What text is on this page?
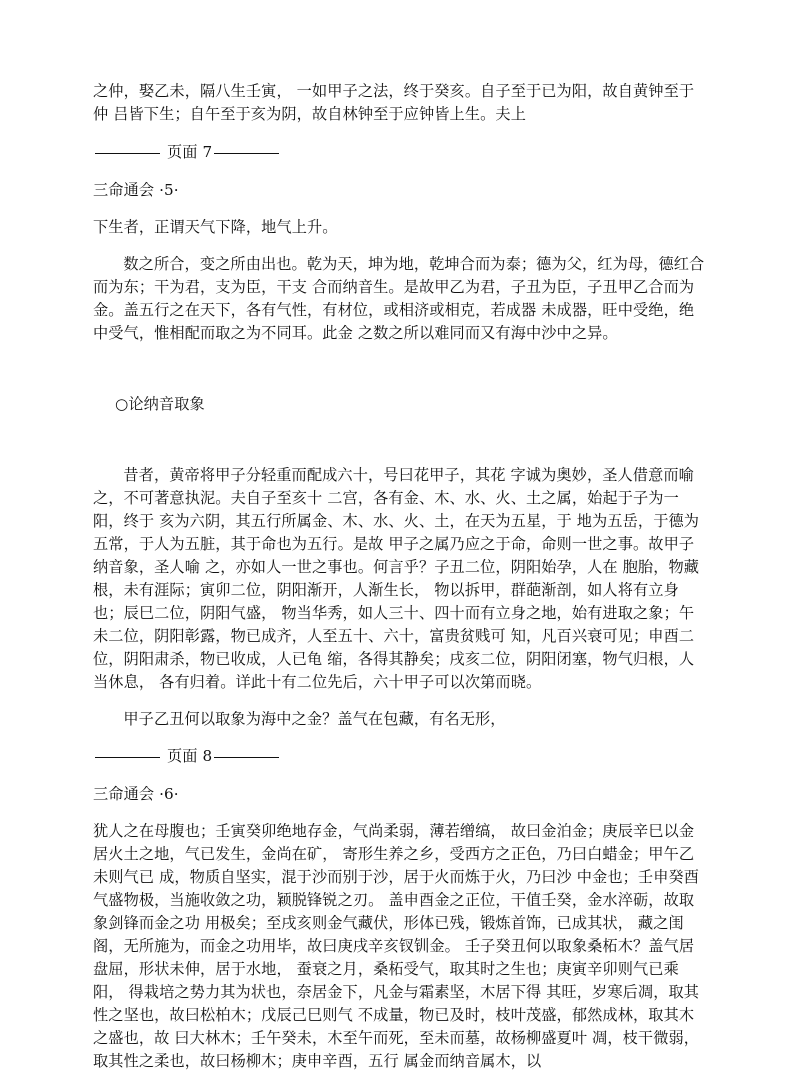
之仲，娶乙未，隔八生壬寅， 一如甲子之法，终于癸亥。自子至于已为阳，故自黄钟至于仲 吕皆下生；自午至于亥为阴，故自林钟至于应钟皆上生。夫上

页面 7

三命通会 ·5·

下生者，正谓天气下降，地气上升。

数之所合，变之所由出也。乾为天，坤为地，乾坤合而为泰；德为父，红为母，德红合而为东；干为君，支为臣，干支 合而纳音生。是故甲乙为君，子丑为臣，子丑甲乙合而为金。盖五行之在天下，各有气性，有材位，或相济或相克，若成器 未成器，旺中受绝，绝中受气，惟相配而取之为不同耳。此金 之数之所以难同而又有海中沙中之异。

○论纳音取象

昔者，黄帝将甲子分轻重而配成六十，号曰花甲子，其花 字诚为奥妙，圣人借意而喻之，不可著意执泥。夫自子至亥十 二宫，各有金、木、水、火、土之属，始起于子为一阳，终于 亥为六阴，其五行所属金、木、水、火、土，在天为五星，于 地为五岳，于德为五常，于人为五脏，其于命也为五行。是故 甲子之属乃应之于命，命则一世之事。故甲子纳音象，圣人喻 之，亦如人一世之事也。何言乎？子丑二位，阴阳始孕，人在 胞胎，物藏根，未有涯际；寅卯二位，阴阳渐开，人渐生长， 物以拆甲，群葩渐剖，如人将有立身也；辰巳二位，阴阳气盛， 物当华秀，如人三十、四十而有立身之地，始有进取之象；午 未二位，阴阳彰露，物已成齐，人至五十、六十，富贵贫贱可 知，凡百兴衰可见；申酉二位，阴阳肃杀，物已收成，人已龟 缩，各得其静矣；戌亥二位，阴阳闭塞，物气归根，人当休息， 各有归着。详此十有二位先后，六十甲子可以次第而晓。

甲子乙丑何以取象为海中之金？盖气在包藏，有名无形，

页面 8

三命通会 ·6·

犹人之在母腹也；壬寅癸卯绝地存金，气尚柔弱，薄若缯缟， 故曰金泊金；庚辰辛巳以金居火土之地，气已发生，金尚在矿， 寄形生养之乡，受西方之正色，乃曰白蜡金；甲午乙未则气已 成，物质自坚实，混于沙而别于沙，居于火而炼于火，乃曰沙 中金也；壬申癸酉气盛物极，当施收敛之功，颖脱锋锐之刃。 盖申酉金之正位，干值壬癸，金水淬砺，故取象剑锋而金之功 用极矣；至戌亥则金气藏伏，形体已残，锻炼首饰，已成其状， 藏之闺阁，无所施为，而金之功用毕，故曰庚戌辛亥钗钏金。 壬子癸丑何以取象桑柘木？盖气居盘屈，形状未伸，居于水地， 蚕衰之月，桑柘受气，取其时之生也；庚寅辛卯则气已乘阳， 得栽培之势力其为状也，奈居金下，凡金与霜素坚，木居下得 其旺，岁寒后凋，取其性之坚也，故曰松柏木；戊辰己巳则气 不成量，物已及时，枝叶茂盛，郁然成林，取其木之盛也，故 曰大林木；壬午癸未，木至午而死，至未而墓，故杨柳盛夏叶 凋，枝干微弱，取其性之柔也，故曰杨柳木；庚申辛酉，五行 属金而纳音属木，以
